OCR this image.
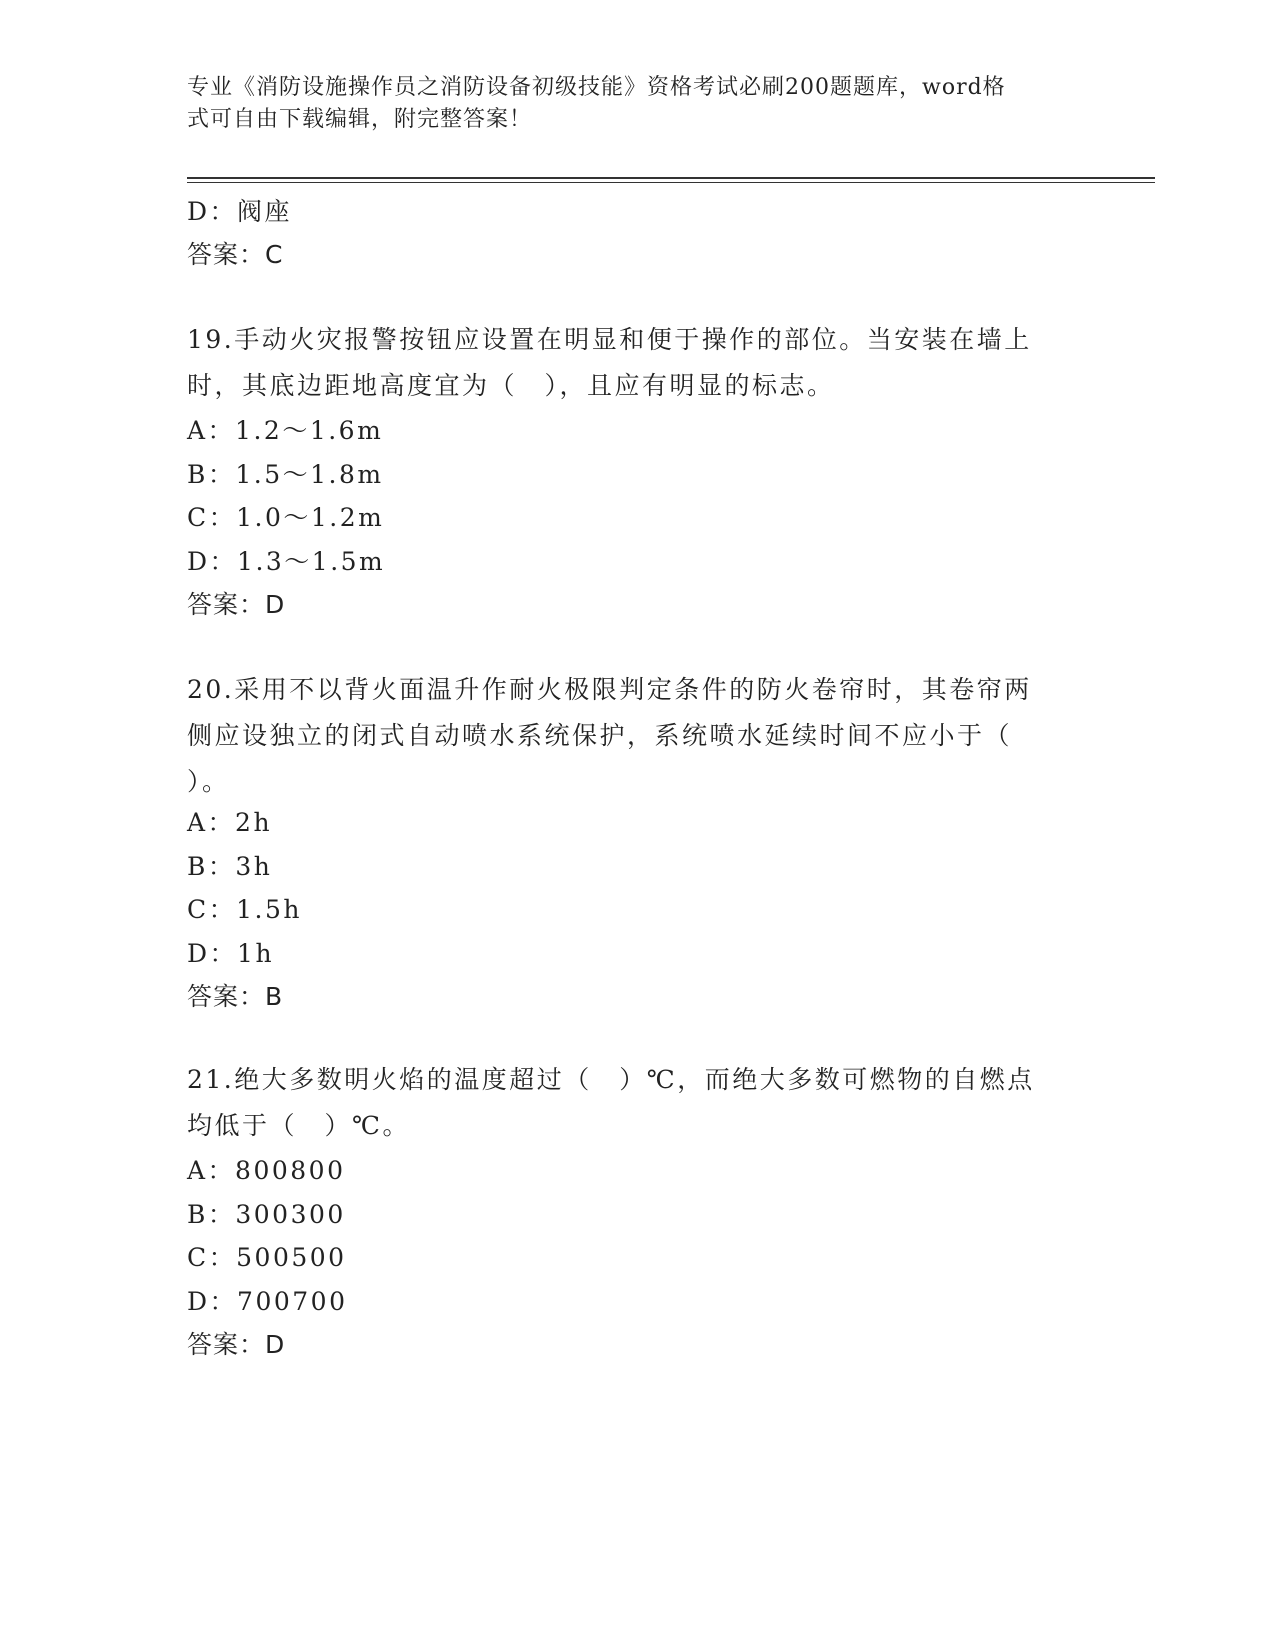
专业《消防设施操作员之消防设备初级技能》资格考试必刷200题题库，word格
式可自由下载编辑，附完整答案！
D：阀座
答案：C
19.手动火灾报警按钮应设置在明显和便于操作的部位。当安装在墙上
时，其底边距地高度宜为（　），且应有明显的标志。
A：1.2～1.6m
B：1.5～1.8m
C：1.0～1.2m
D：1.3～1.5m
答案：D
20.采用不以背火面温升作耐火极限判定条件的防火卷帘时，其卷帘两
侧应设独立的闭式自动喷水系统保护，系统喷水延续时间不应小于（
）。
A：2h
B：3h
C：1.5h
D：1h
答案：B
21.绝大多数明火焰的温度超过（　）℃，而绝大多数可燃物的自燃点
均低于（　）℃。
A：800800
B：300300
C：500500
D：700700
答案：D
